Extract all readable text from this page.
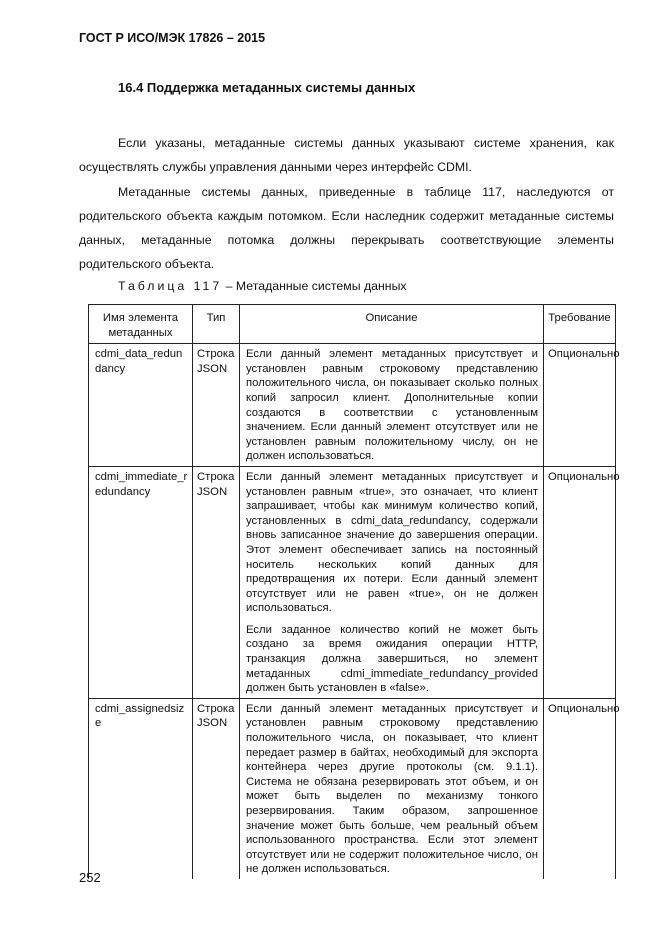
ГОСТ Р ИСО/МЭК 17826 – 2015
16.4 Поддержка метаданных системы данных

Если указаны, метаданные системы данных указывают системе хранения, как осуществлять службы управления данными через интерфейс CDMI.

Метаданные системы данных, приведенные в таблице 117, наследуются от родительского объекта каждым потомком. Если наследник содержит метаданные системы данных, метаданные потомка должны перекрывать соответствующие элементы родительского объекта.

Таблица 117 – Метаданные системы данных
Имя элемента метаданных	Тип	Описание	Требование
cdmi_data_redundancy	Строка JSON	Если данный элемент метаданных присутствует и установлен равным строковому представлению положительного числа, он показывает сколько полных копий запросил клиент. Дополнительные копии создаются в соответствии с установленным значением. Если данный элемент отсутствует или не установлен равным положительному числу, он не должен использоваться.	Опционально
cdmi_immediate_redundancy	Строка JSON	Если данный элемент метаданных присутствует и установлен равным «true», это означает, что клиент запрашивает, чтобы как минимум количество копий, установленных в cdmi_data_redundancy, содержали вновь записанное значение до завершения операции. Этот элемент обеспечивает запись на постоянный носитель нескольких копий данных для предотвращения их потери. Если данный элемент отсутствует или не равен «true», он не должен использоваться.

Если заданное количество копий не может быть создано за время ожидания операции HTTP, транзакция должна завершиться, но элемент метаданных cdmi_immediate_redundancy_provided должен быть установлен в «false».	Опционально
cdmi_assignedsize	Строка JSON	Если данный элемент метаданных присутствует и установлен равным строковому представлению положительного числа, он показывает, что клиент передает размер в байтах, необходимый для экспорта контейнера через другие протоколы (см. 9.1.1). Система не обязана резервировать этот объем, и он может быть выделен по механизму тонкого резервирования. Таким образом, запрошенное значение может быть больше, чем реальный объем использованного пространства. Если этот элемент отсутствует или не содержит положительное число, он не должен использоваться.	Опционально
252
